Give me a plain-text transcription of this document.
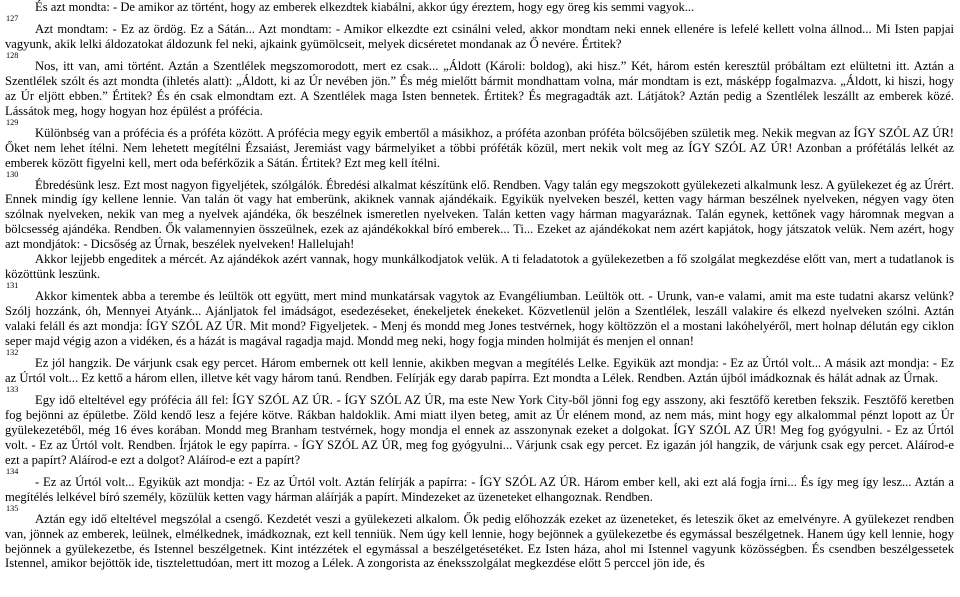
És azt mondta: - De amikor az történt, hogy az emberek elkezdtek kiabálni, akkor úgy éreztem, hogy egy öreg kis semmi vagyok...

127

Azt mondtam: - Ez az ördög. Ez a Sátán... Azt mondtam: - Amikor elkezdte ezt csinálni veled, akkor mondtam neki ennek ellenére is lefelé kellett volna állnod... Mi Isten papjai vagyunk, akik lelki áldozatokat áldozunk fel neki, ajkaink gyümölcseit, melyek dicséretet mondanak az Ő nevére. Értitek?

128

Nos, itt van, ami történt. Aztán a Szentlélek megszomorodott, mert ez csak... „Áldott (Károli: boldog), aki hisz.” Két, három estén keresztül próbáltam ezt elültetni itt. Aztán a Szentlélek szólt és azt mondta (ihletés alatt): „Áldott, ki az Úr nevében jön.” És még mielőtt bármit mondhattam volna, már mondtam is ezt, másképp fogalmazva. „Áldott, ki hiszi, hogy az Úr eljött ebben.” Értitek? És én csak elmondtam ezt. A Szentlélek maga Isten bennetek. Értitek? És megragadták azt. Látjátok? Aztán pedig a Szentlélek leszállt az emberek közé. Lássátok meg, hogy hogyan hoz épülést a prófécia.

129

Különbség van a prófécia és a próféta között. A prófécia megy egyik embertől a másikhoz, a próféta azonban próféta bölcsőjében születik meg. Nekik megvan az ÍGY SZÓL AZ ÚR! Őket nem lehet ítélni. Nem lehetett megítélni Ézsaiást, Jeremiást vagy bármelyiket a többi próféták közül, mert nekik volt meg az ÍGY SZÓL AZ ÚR! Azonban a prófétálás lelkét az emberek között figyelni kell, mert oda beférkőzik a Sátán. Értitek? Ezt meg kell ítélni.

130

Ébredésünk lesz. Ezt most nagyon figyeljétek, szólgálók. Ébredési alkalmat készítünk elő. Rendben. Vagy talán egy megszokott gyülekezeti alkalmunk lesz. A gyülekezet ég az Úrért. Ennek mindig így kellene lennie. Van talán öt vagy hat emberünk, akiknek vannak ajándékaik. Egyikük nyelveken beszél, ketten vagy hárman beszélnek nyelveken, négyen vagy öten szólnak nyelveken, nekik van meg a nyelvek ajándéka, ők beszélnek ismeretlen nyelveken. Talán ketten vagy hárman magyaráznak. Talán egynek, kettőnek vagy háromnak megvan a bölcsesség ajándéka. Rendben. Ők valamennyien összeülnek, ezek az ajándékokkal bíró emberek... Ti... Ezeket az ajándékokat nem azért kapjátok, hogy játszatok velük. Nem azért, hogy azt mondjátok: - Dicsőség az Úrnak, beszélek nyelveken! Hallelujah!

Akkor lejjebb engeditek a mércét. Az ajándékok azért vannak, hogy munkálkodjatok velük. A ti feladatotok a gyülekezetben a fő szolgálat megkezdése előtt van, mert a tudatlanok is közöttünk leszünk.

131

Akkor kimentek abba a terembe és leültök ott együtt, mert mind munkatársak vagytok az Evangéliumban. Leültök ott. - Urunk, van-e valami, amit ma este tudatni akarsz velünk? Szólj hozzánk, óh, Mennyei Atyánk... Ajánljatok fel imádságot, esedezéseket, énekeljetek énekeket. Közvetlenül jelön a Szentlélek, leszáll valakire és elkezd nyelveken szólni. Aztán valaki feláll és azt mondja: ÍGY SZÓL AZ ÚR. Mit mond? Figyeljetek. - Menj és mondd meg Jones testvérnek, hogy költözzön el a mostani lakóhelyéről, mert holnap délután egy ciklon seper majd végig azon a vidéken, és a házát is magával ragadja majd. Mondd meg neki, hogy fogja minden holmiját és menjen el onnan!

132

Ez jól hangzik. De várjunk csak egy percet. Három embernek ott kell lennie, akikben megvan a megítélés Lelke. Egyikük azt mondja: - Ez az Úrtól volt... A másik azt mondja: - Ez az Úrtól volt... Ez kettő a három ellen, illetve két vagy három tanú. Rendben. Felírják egy darab papírra. Ezt mondta a Lélek. Rendben. Aztán újból imádkoznak és hálát adnak az Úrnak.

133

Egy idő elteltével egy prófécia áll fel: ÍGY SZÓL AZ ÚR. - ÍGY SZÓL AZ ÚR, ma este New York City-ből jönni fog egy asszony, aki fesztőfő keretben fekszik. Fesztőfő keretben fog bejönni az épületbe. Zöld kendő lesz a fejére kötve. Rákban haldoklik. Ami miatt ilyen beteg, amit az Úr elénem mond, az nem más, mint hogy egy alkalommal pénzt lopott az Úr gyülekezetéből, még 16 éves korában. Mondd meg Branham testvérnek, hogy mondja el ennek az asszonynak ezeket a dolgokat. ÍGY SZÓL AZ ÚR! Meg fog gyógyulni. - Ez az Úrtól volt. - Ez az Úrtól volt. Rendben. Írjátok le egy papírra. - ÍGY SZÓL AZ ÚR, meg fog gyógyulni... Várjunk csak egy percet. Ez igazán jól hangzik, de várjunk csak egy percet. Aláírod-e ezt a papírt? Aláírod-e ezt a dolgot? Aláírod-e ezt a papírt?

134

- Ez az Úrtól volt... Egyikük azt mondja: - Ez az Úrtól volt. Aztán felírják a papírra: - ÍGY SZÓL AZ ÚR. Három ember kell, aki ezt alá fogja írni... És így meg így lesz... Aztán a megítélés lelkével bíró személy, közülük ketten vagy hárman aláírják a papírt. Mindezeket az üzeneteket elhangoznak. Rendben.

135

Aztán egy idő elteltével megszólal a csengő. Kezdetét veszi a gyülekezeti alkalom. Ők pedig előhozzák ezeket az üzeneteket, és leteszik őket az emelvényre. A gyülekezet rendben van, jönnek az emberek, leülnek, elmélkednek, imádkoznak, ezt kell tenniük. Nem úgy kell lennie, hogy bejönnek a gyülekezetbe és egymással beszélgetnek. Hanem úgy kell lennie, hogy bejönnek a gyülekezetbe, és Istennel beszélgetnek. Kint intézzétek el egymással a beszélgetésetéket. Ez Isten háza, ahol mi Istennel vagyunk közösségben. És csendben beszélgessetek Istennel, amikor bejöttök ide, tisztelettudóan, mert itt mozog a Lélek. A zongorista az éneksszolgálat megkezdése előtt 5 perccel jön ide, és
